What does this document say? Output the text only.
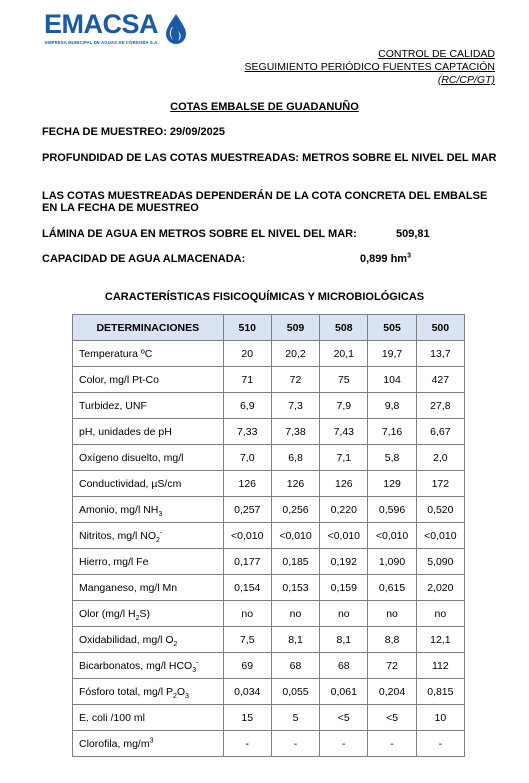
EMACSA
EMPRESA MUNICIPAL DE AGUAS DE CÓRDOBA S.A.
CONTROL DE CALIDAD
SEGUIMIENTO PERIÓDICO FUENTES CAPTACIÓN
(RC/CP/GT)
COTAS EMBALSE DE GUADANUÑO
FECHA DE MUESTREO: 29/09/2025
PROFUNDIDAD DE LAS COTAS MUESTREADAS: METROS SOBRE EL NIVEL DEL MAR
LAS COTAS MUESTREADAS DEPENDERÁN DE LA COTA CONCRETA DEL EMBALSE EN LA FECHA DE MUESTREO
LÁMINA DE AGUA EN METROS SOBRE EL NIVEL DEL MAR:	509,81
CAPACIDAD DE AGUA ALMACENADA:	0,899 $hm^3$
CARACTERÍSTICAS FISICOQUÍMICAS Y MICROBIOLÓGICAS
DETERMINACIONES	510	509	508	505	500
Temperatura ºC	20	20,2	20,1	19,7	13,7
Color, mg/l Pt-Co	71	72	75	104	427
Turbidez, UNF	6,9	7,3	7,9	9,8	27,8
pH, unidades de pH	7,33	7,38	7,43	7,16	6,67
Oxígeno disuelto, mg/l	7,0	6,8	7,1	5,8	2,0
Conductividad, µS/cm	126	126	126	129	172
Amonio, mg/l $NH_3$	0,257	0,256	0,220	0,596	0,520
Nitritos, mg/l $NO_2^-$	<0,010	<0,010	<0,010	<0,010	<0,010
Hierro, mg/l Fe	0,177	0,185	0,192	1,090	5,090
Manganeso, mg/l Mn	0,154	0,153	0,159	0,615	2,020
Olor (mg/l $H_2S$)	no	no	no	no	no
Oxidabilidad, mg/l $O_2$	7,5	8,1	8,1	8,8	12,1
Bicarbonatos, mg/l $HCO_3^-$	69	68	68	72	112
Fósforo total, mg/l $P_2O_3$	0,034	0,055	0,061	0,204	0,815
E. coli /100 ml	15	5	<5	<5	10
Clorofila, $mg/m^3$	-	-	-	-	-
